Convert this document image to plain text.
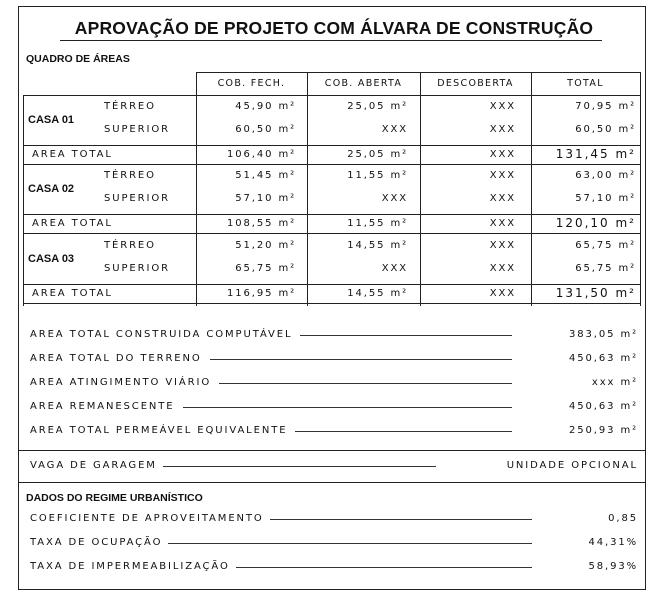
APROVAÇÃO DE PROJETO COM ÁLVARA DE CONSTRUÇÃO
QUADRO DE ÁREAS
COB. FECH.	COB. ABERTA	DESCOBERTA	TOTAL
CASA 01
TÉRREO	45,90 m²	25,05 m²	XXX	70,95 m²
SUPERIOR	60,50 m²	XXX	XXX	60,50 m²
AREA TOTAL	106,40 m²	25,05 m²	XXX	131,45 m²
CASA 02
TÉRREO	51,45 m²	11,55 m²	XXX	63,00 m²
SUPERIOR	57,10 m²	XXX	XXX	57,10 m²
AREA TOTAL	108,55 m²	11,55 m²	XXX	120,10 m²
CASA 03
TÉRREO	51,20 m²	14,55 m²	XXX	65,75 m²
SUPERIOR	65,75 m²	XXX	XXX	65,75 m²
AREA TOTAL	116,95 m²	14,55 m²	XXX	131,50 m²
AREA TOTAL CONSTRUIDA COMPUTÁVEL	383,05 m²
AREA TOTAL DO TERRENO	450,63 m²
AREA ATINGIMENTO VIÁRIO	xxx m²
AREA REMANESCENTE	450,63 m²
AREA TOTAL PERMEÁVEL EQUIVALENTE	250,93 m²
VAGA DE GARAGEM	UNIDADE OPCIONAL
DADOS DO REGIME URBANÍSTICO
COEFICIENTE DE APROVEITAMENTO	0,85
TAXA DE OCUPAÇÃO	44,31%
TAXA DE IMPERMEABILIZAÇÃO	58,93%
